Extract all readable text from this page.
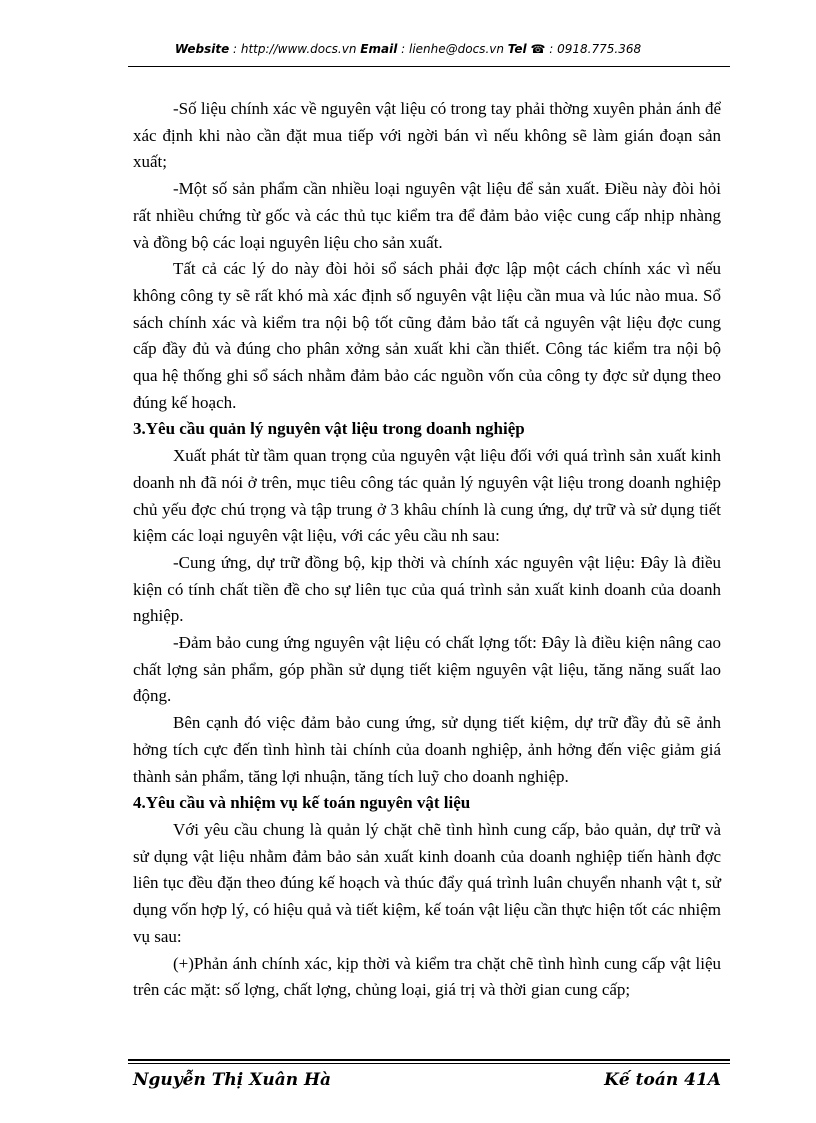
Website : http://www.docs.vn Email : lienhe@docs.vn Tel ☎ : 0918.775.368

-Số liệu chính xác về nguyên vật liệu có trong tay phải thờng xuyên phản ánh để xác định khi nào cần đặt mua tiếp với ngời bán vì nếu không sẽ làm gián đoạn sản xuất;

-Một số sản phẩm cần nhiều loại nguyên vật liệu để sản xuất. Điều này đòi hỏi rất nhiều chứng từ gốc và các thủ tục kiểm tra để đảm bảo việc cung cấp nhịp nhàng và đồng bộ các loại nguyên liệu cho sản xuất.

Tất cả các lý do này đòi hỏi sổ sách phải đợc lập một cách chính xác vì nếu không công ty sẽ rất khó mà xác định số nguyên vật liệu cần mua và lúc nào mua. Sổ sách chính xác và kiểm tra nội bộ tốt cũng đảm bảo tất cả nguyên vật liệu đợc cung cấp đầy đủ và đúng cho phân xởng sản xuất khi cần thiết. Công tác kiểm tra nội bộ qua hệ thống ghi sổ sách nhằm đảm bảo các nguồn vốn của công ty đợc sử dụng theo đúng kế hoạch.

3.Yêu cầu quản lý nguyên vật liệu trong doanh nghiệp

Xuất phát từ tầm quan trọng của nguyên vật liệu đối với quá trình sản xuất kinh doanh nh đã nói ở trên, mục tiêu công tác quản lý nguyên vật liệu trong doanh nghiệp chủ yếu đợc chú trọng và tập trung ở 3 khâu chính là cung ứng, dự trữ và sử dụng tiết kiệm các loại nguyên vật liệu, với các yêu cầu nh sau:

-Cung ứng, dự trữ đồng bộ, kịp thời và chính xác nguyên vật liệu: Đây là điều kiện có tính chất tiền đề cho sự liên tục của quá trình sản xuất kinh doanh của doanh nghiệp.

-Đảm bảo cung ứng nguyên vật liệu có chất lợng tốt: Đây là điều kiện nâng cao chất lợng sản phẩm, góp phần sử dụng tiết kiệm nguyên vật liệu, tăng năng suất lao động.

Bên cạnh đó việc đảm bảo cung ứng, sử dụng tiết kiệm, dự trữ đầy đủ sẽ ảnh hởng tích cực đến tình hình tài chính của doanh nghiệp, ảnh hởng đến việc giảm giá thành sản phẩm, tăng lợi nhuận, tăng tích luỹ cho doanh nghiệp.

4.Yêu cầu và nhiệm vụ kế toán nguyên vật liệu

Với yêu cầu chung là quản lý chặt chẽ tình hình cung cấp, bảo quản, dự trữ và sử dụng vật liệu nhằm đảm bảo sản xuất kinh doanh của doanh nghiệp tiến hành đợc liên tục đều đặn theo đúng kế hoạch và thúc đẩy quá trình luân chuyển nhanh vật t, sử dụng vốn hợp lý, có hiệu quả và tiết kiệm, kế toán vật liệu cần thực hiện tốt các nhiệm vụ sau:

(+)Phản ánh chính xác, kịp thời và kiểm tra chặt chẽ tình hình cung cấp vật liệu trên các mặt: số lợng, chất lợng, chủng loại, giá trị và thời gian cung cấp;

Nguyễn Thị Xuân Hà	Kế toán 41A
